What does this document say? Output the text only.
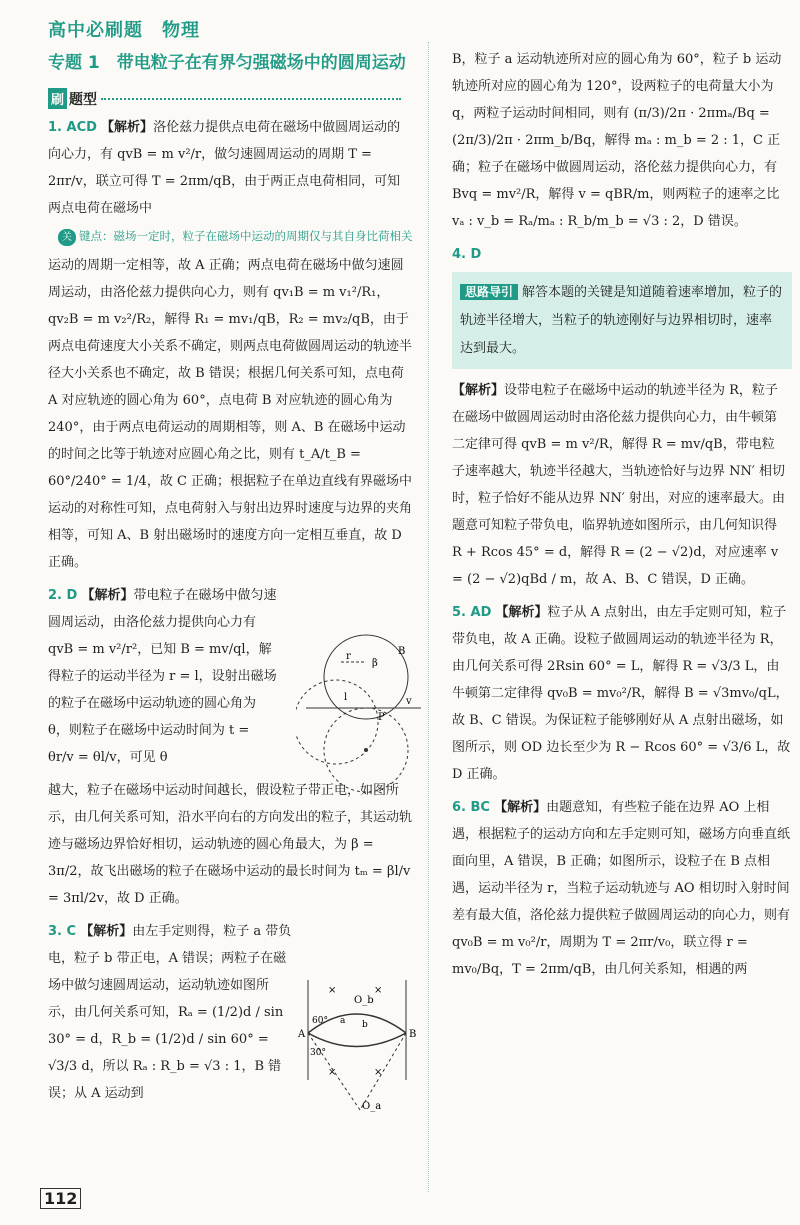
高中必刷题　物理
专题 1　带电粒子在有界匀强磁场中的圆周运动
刷 题型

1. ACD 【解析】洛伦兹力提供点电荷在磁场中做圆周运动的向心力，有 qvB = m v²/r，做匀速圆周运动的周期 T = 2πr/v，联立可得 T = 2πm/qB，由于两正点电荷相同，可知两点电荷在磁场中

关 键点：磁场一定时，粒子在磁场中运动的周期仅与其自身比荷相关

运动的周期一定相等，故 A 正确；两点电荷在磁场中做匀速圆周运动，由洛伦兹力提供向心力，则有 qv₁B = m v₁²/R₁，qv₂B = m v₂²/R₂，解得 R₁ = mv₁/qB，R₂ = mv₂/qB，由于两点电荷速度大小关系不确定，则两点电荷做圆周运动的轨迹半径大小关系也不确定，故 B 错误；根据几何关系可知，点电荷 A 对应轨迹的圆心角为 60°，点电荷 B 对应轨迹的圆心角为 240°，由于两点电荷运动的周期相等，则 A、B 在磁场中运动的时间之比等于轨迹对应圆心角之比，则有 t_A/t_B = 60°/240° = 1/4，故 C 正确；根据粒子在单边直线有界磁场中运动的对称性可知，点电荷射入与射出边界时速度与边界的夹角相等，可知 A、B 射出磁场时的速度方向一定相互垂直，故 D 正确。

2. D 【解析】带电粒子在磁场中做匀速圆周运动，由洛伦兹力提供向心力有 qvB = m v²/r²，已知 B = mv/ql，解得粒子的运动半径为 r = l，设射出磁场的粒子在磁场中运动轨迹的圆心角为 θ，则粒子在磁场中运动时间为 t = θr/v = θl/v，可见 θ

越大，粒子在磁场中运动时间越长，假设粒子带正电，如图所示，由几何关系可知，沿水平向右的方向发出的粒子，其运动轨迹与磁场边界恰好相切，运动轨迹的圆心角最大，为 β = 3π/2，故飞出磁场的粒子在磁场中运动的最长时间为 tₘ = βl/v = 3πl/2v，故 D 正确。

3. C 【解析】由左手定则得，粒子 a 带负电，粒子 b 带正电，A 错误；两粒子在磁场中做匀速圆周运动，运动轨迹如图所示，由几何关系可知，Rₐ = (1/2)d / sin 30° = d，R_b = (1/2)d / sin 60° = √3/3 d，所以 Rₐ : R_b = √3 : 1，B 错误；从 A 运动到

r	B
β
P
v
l
×	×
×	×
A	B
O_b
O_a
60°
30°
a b

B，粒子 a 运动轨迹所对应的圆心角为 60°，粒子 b 运动轨迹所对应的圆心角为 120°，设两粒子的电荷量大小为 q，两粒子运动时间相同，则有 (π/3)/2π · 2πmₐ/Bq = (2π/3)/2π · 2πm_b/Bq，解得 mₐ : m_b = 2 : 1，C 正确；粒子在磁场中做圆周运动，洛伦兹力提供向心力，有 Bvq = mv²/R，解得 v = qBR/m，则两粒子的速率之比 vₐ : v_b = Rₐ/mₐ : R_b/m_b = √3 : 2，D 错误。

4. D

思路导引 解答本题的关键是知道随着速率增加，粒子的轨迹半径增大，当粒子的轨迹刚好与边界相切时，速率达到最大。

【解析】设带电粒子在磁场中运动的轨迹半径为 R，粒子在磁场中做圆周运动时由洛伦兹力提供向心力，由牛顿第二定律可得 qvB = m v²/R，解得 R = mv/qB，带电粒子速率越大，轨迹半径越大，当轨迹恰好与边界 NN′ 相切时，粒子恰好不能从边界 NN′ 射出，对应的速率最大。由题意可知粒子带负电，临界轨迹如图所示，由几何知识得 R + Rcos 45° = d，解得 R = (2 − √2)d，对应速率 v = (2 − √2)qBd / m，故 A、B、C 错误，D 正确。

5. AD 【解析】粒子从 A 点射出，由左手定则可知，粒子带负电，故 A 正确。设粒子做圆周运动的轨迹半径为 R，由几何关系可得 2Rsin 60° = L，解得 R = √3/3 L，由牛顿第二定律得 qv₀B = mv₀²/R，解得 B = √3mv₀/qL，故 B、C 错误。为保证粒子能够刚好从 A 点射出磁场，如图所示，则 OD 边长至少为 R − Rcos 60° = √3/6 L，故 D 正确。

6. BC 【解析】由题意知，有些粒子能在边界 AO 上相遇，根据粒子的运动方向和左手定则可知，磁场方向垂直纸面向里，A 错误，B 正确；如图所示，设粒子在 B 点相遇，运动半径为 r，当粒子运动轨迹与 AO 相切时入射时间差有最大值，洛伦兹力提供粒子做圆周运动的向心力，则有 qv₀B = m v₀²/r，周期为 T = 2πr/v₀，联立得 r = mv₀/Bq，T = 2πm/qB，由几何关系知，相遇的两

112
